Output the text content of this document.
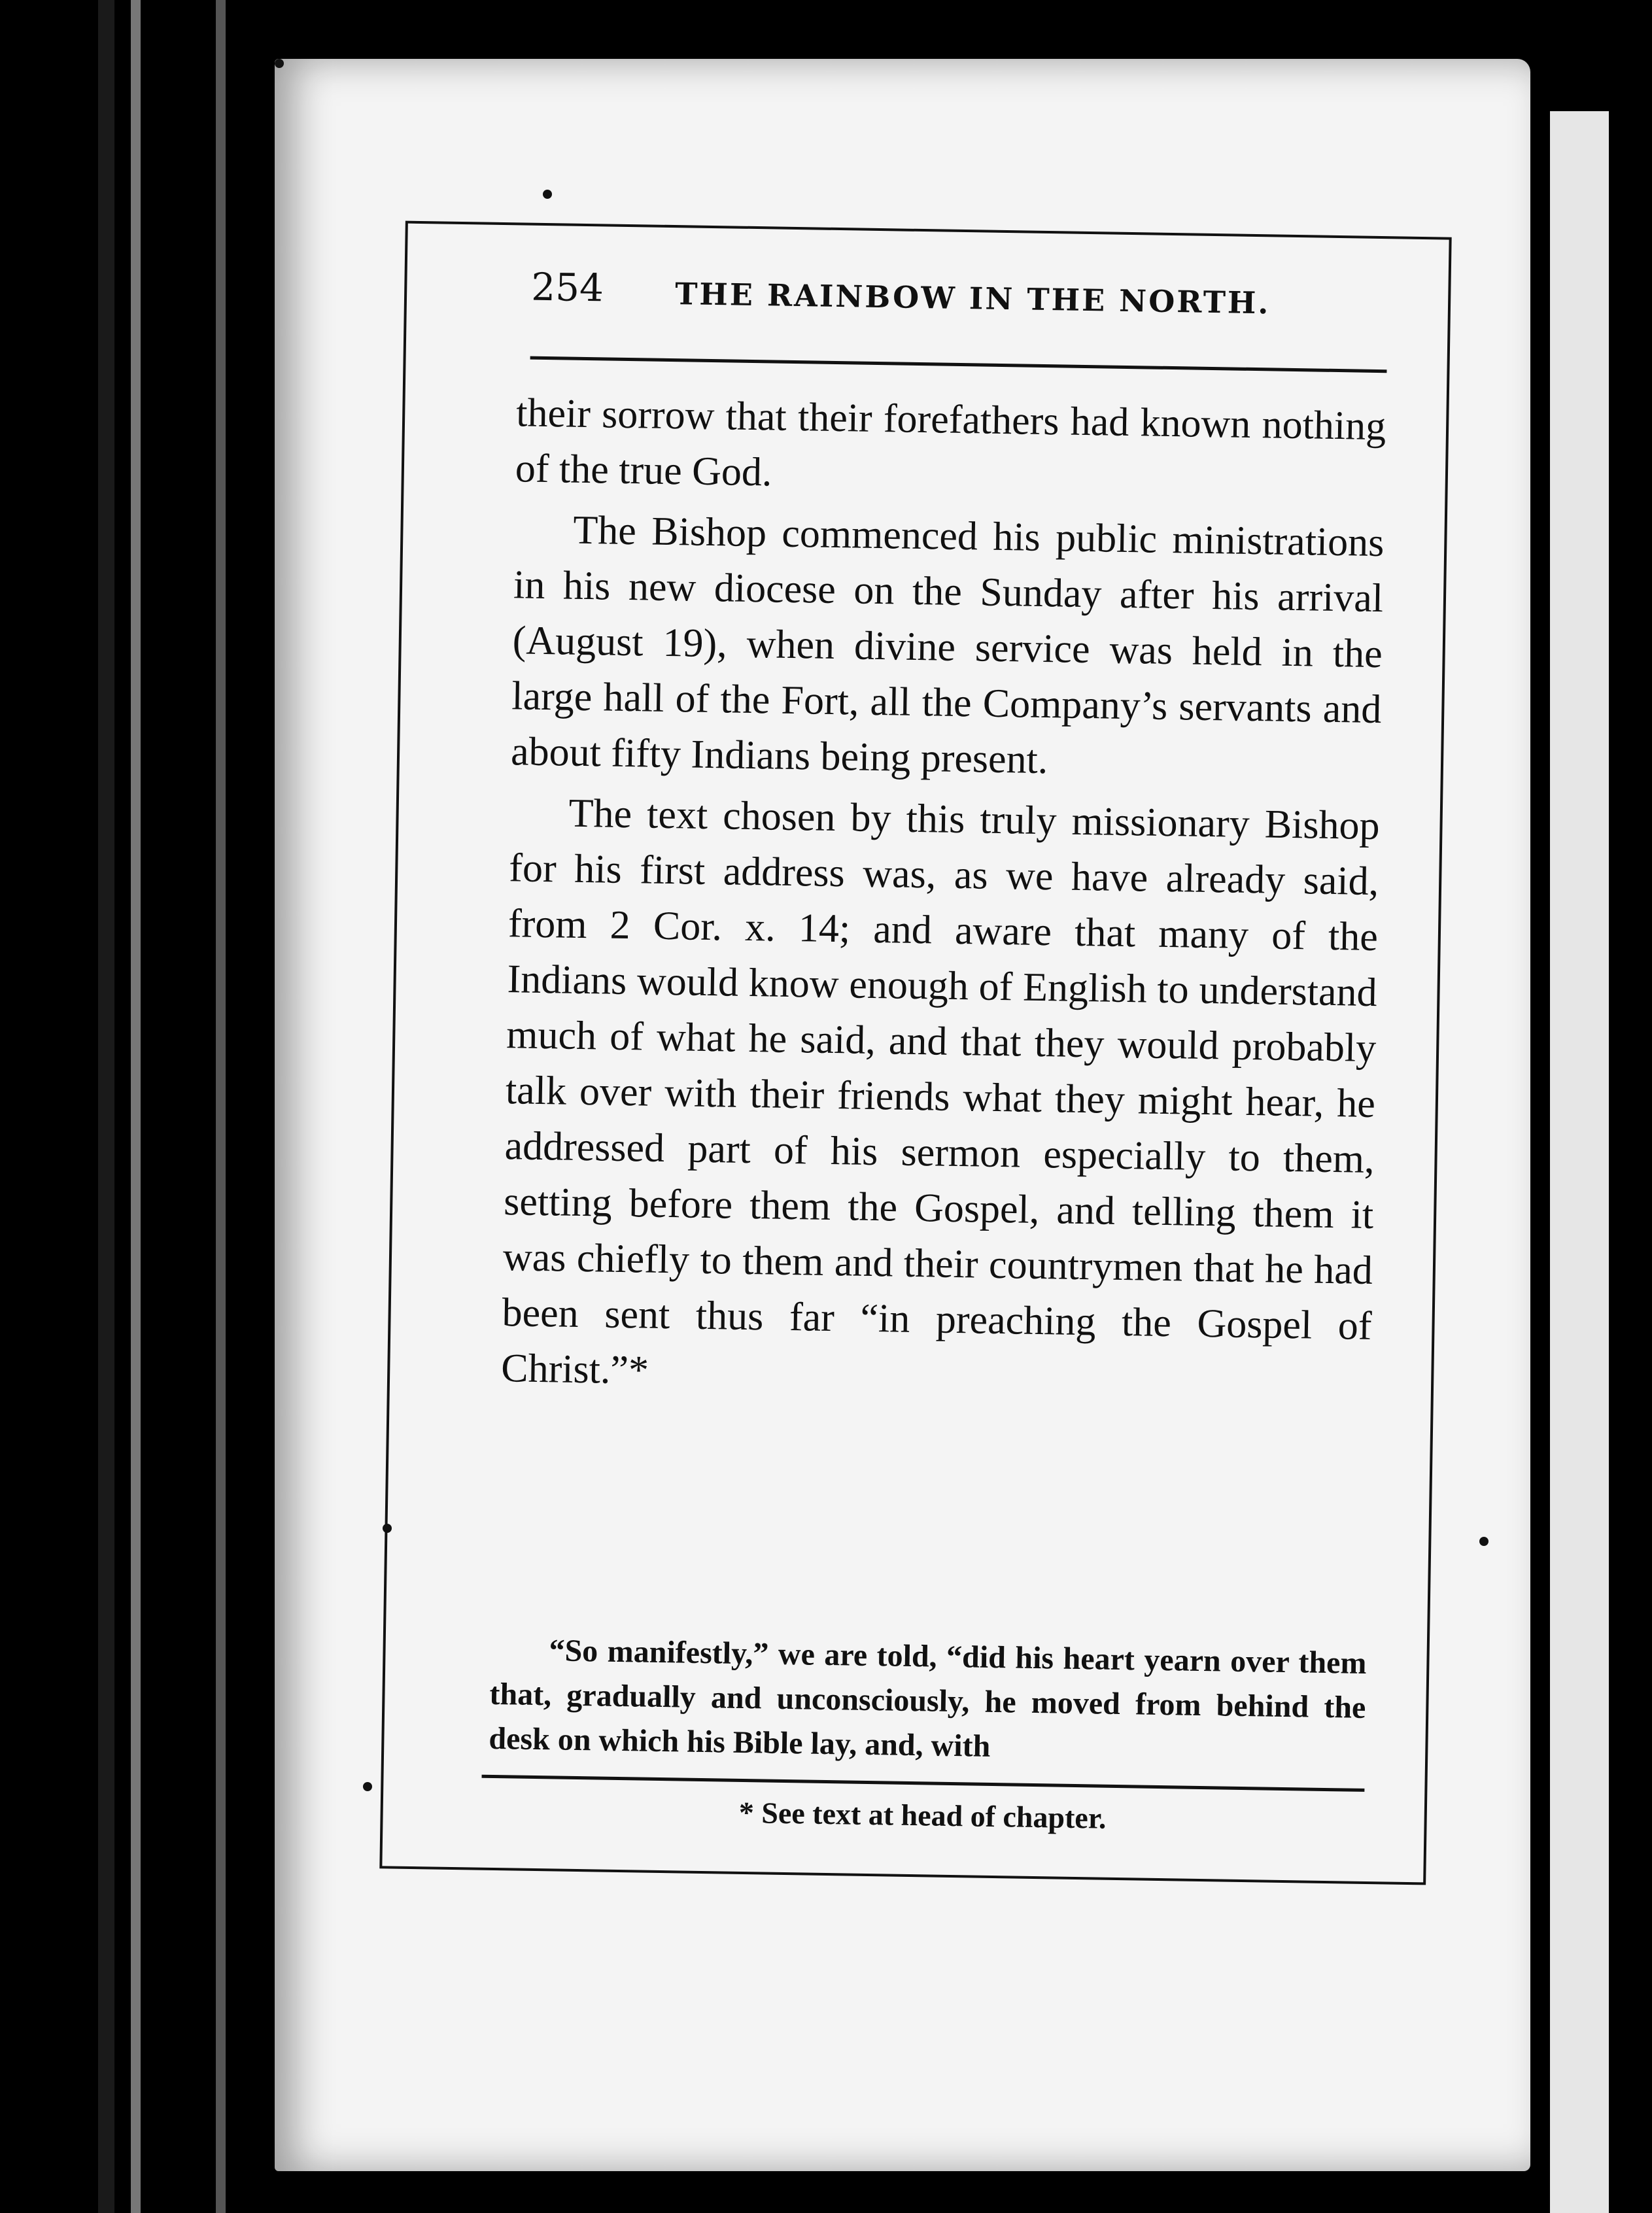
254 THE RAINBOW IN THE NORTH.

their sorrow that their forefathers had known nothing of the true God.

The Bishop commenced his public ministrations in his new diocese on the Sunday after his arrival (August 19), when divine service was held in the large hall of the Fort, all the Company’s servants and about fifty Indians being present.

The text chosen by this truly missionary Bishop for his first address was, as we have already said, from 2 Cor. x. 14; and aware that many of the Indians would know enough of English to understand much of what he said, and that they would probably talk over with their friends what they might hear, he addressed part of his sermon especially to them, setting before them the Gospel, and telling them it was chiefly to them and their countrymen that he had been sent thus far “in preaching the Gospel of Christ.”*

“So manifestly,” we are told, “did his heart yearn over them that, gradually and unconsciously, he moved from behind the desk on which his Bible lay, and, with
* See text at head of chapter.
